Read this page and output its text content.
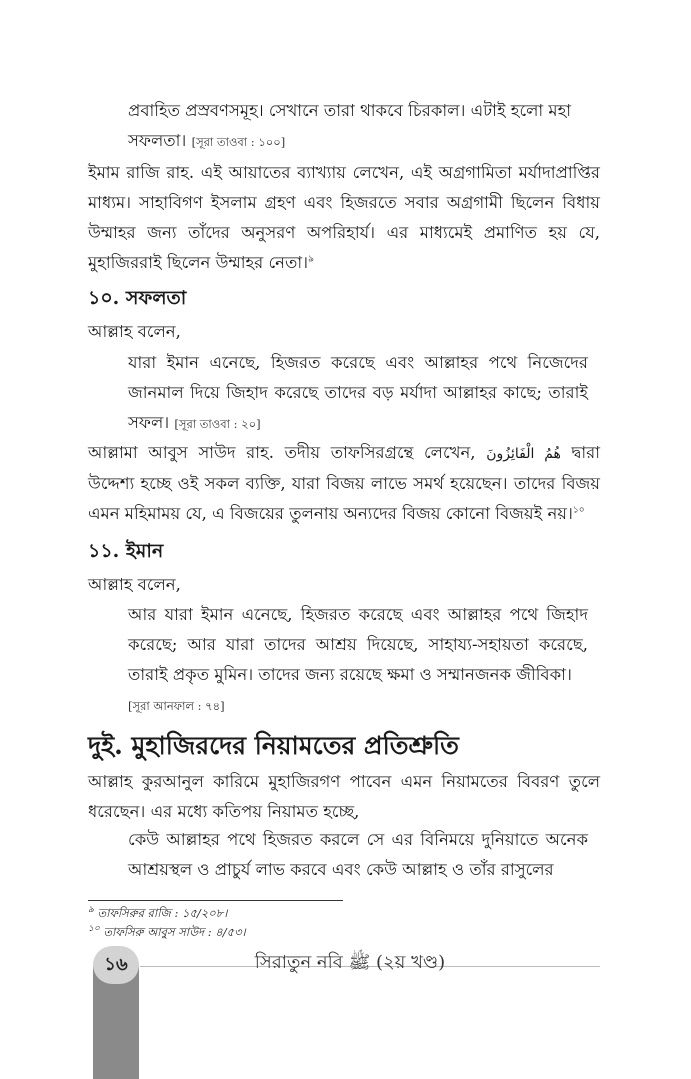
প্রবাহিত প্রস্রবণসমূহ। সেখানে তারা থাকবে চিরকাল। এটাই হলো মহা
সফলতা। [সূরা তাওবা : ১০০]

ইমাম রাজি রাহ. এই আয়াতের ব্যাখ্যায় লেখেন, এই অগ্রগামিতা মর্যাদাপ্রাপ্তির মাধ্যম। সাহাবিগণ ইসলাম গ্রহণ এবং হিজরতে সবার অগ্রগামী ছিলেন বিধায় উম্মাহর জন্য তাঁদের অনুসরণ অপরিহার্য। এর মাধ্যমেই প্রমাণিত হয় যে, মুহাজিররাই ছিলেন উম্মাহর নেতা।$^৯$

১০. সফলতা

আল্লাহ বলেন,

যারা ইমান এনেছে, হিজরত করেছে এবং আল্লাহর পথে নিজেদের জানমাল দিয়ে জিহাদ করেছে তাদের বড় মর্যাদা আল্লাহর কাছে; তারাই সফল। [সূরা তাওবা : ২০]

আল্লামা আবুস সাউদ রাহ. তদীয় তাফসিরগ্রন্থে লেখেন, هُمُ الْفَائِزُونَ দ্বারা উদ্দেশ্য হচ্ছে ওই সকল ব্যক্তি, যারা বিজয় লাভে সমর্থ হয়েছেন। তাদের বিজয় এমন মহিমাময় যে, এ বিজয়ের তুলনায় অন্যদের বিজয় কোনো বিজয়ই নয়।$^{১০}$

১১. ইমান

আল্লাহ বলেন,

আর যারা ইমান এনেছে, হিজরত করেছে এবং আল্লাহর পথে জিহাদ করেছে; আর যারা তাদের আশ্রয় দিয়েছে, সাহায্য-সহায়তা করেছে, তারাই প্রকৃত মুমিন। তাদের জন্য রয়েছে ক্ষমা ও সম্মানজনক জীবিকা।
[সূরা আনফাল : ৭৪]

দুই. মুহাজিরদের নিয়ামতের প্রতিশ্রুতি

আল্লাহ কুরআনুল কারিমে মুহাজিরগণ পাবেন এমন নিয়ামতের বিবরণ তুলে ধরেছেন। এর মধ্যে কতিপয় নিয়ামত হচ্ছে,

কেউ আল্লাহর পথে হিজরত করলে সে এর বিনিময়ে দুনিয়াতে অনেক আশ্রয়স্থল ও প্রাচুর্য লাভ করবে এবং কেউ আল্লাহ ও তাঁর রাসুলের

$^৯$ তাফসিরুর রাজি : ১৫/২০৮।
$^{১০}$ তাফসিরু আবুস সাউদ : ৪/৫৩।
১৬	সিরাতুন নবি ﷺ (২য় খণ্ড)
